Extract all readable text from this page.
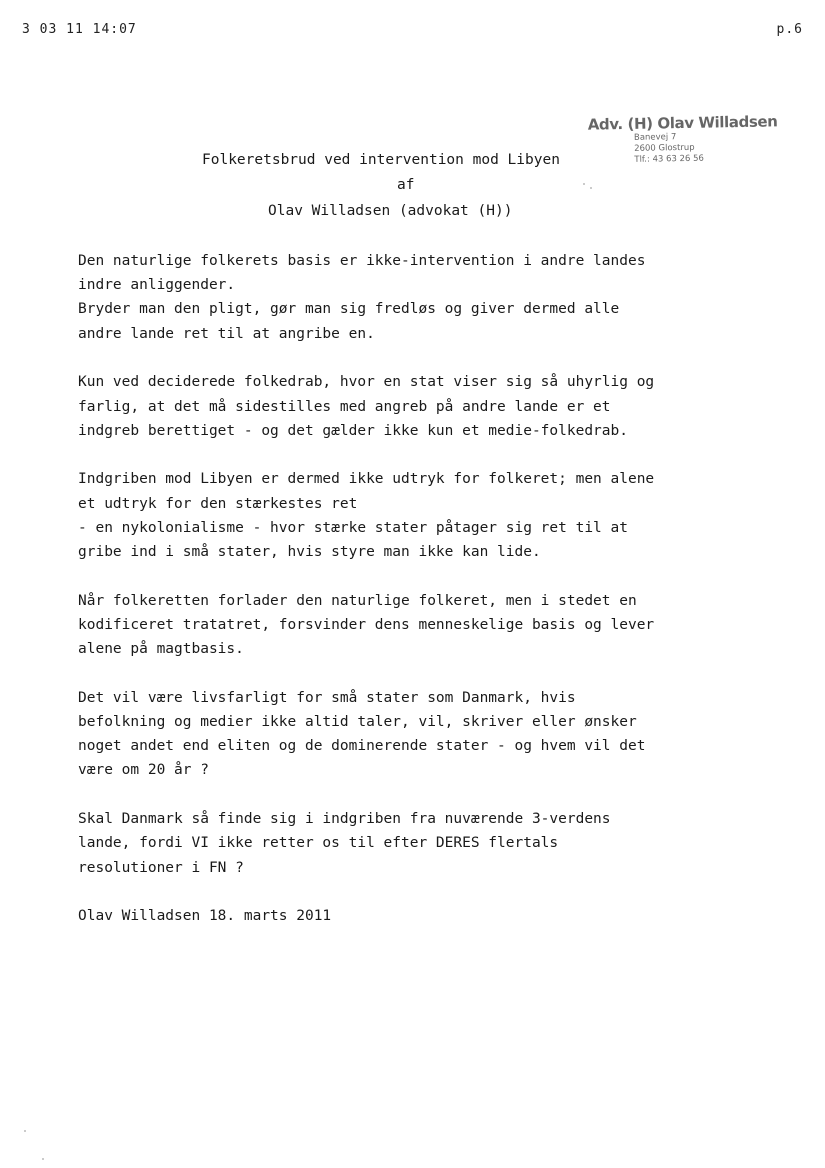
3 03 11 14:07	p.6
Adv. (H) Olav Willadsen
Banevej 7
2600 Glostrup
Tlf.: 43 63 26 56
Folkeretsbrud ved intervention mod Libyen
af
Olav Willadsen (advokat (H))

Den naturlige folkerets basis er ikke-intervention i andre landes
indre anliggender.
Bryder man den pligt, gør man sig fredløs og giver dermed alle
andre lande ret til at angribe en.

Kun ved deciderede folkedrab, hvor en stat viser sig så uhyrlig og
farlig, at det må sidestilles med angreb på andre lande er et
indgreb berettiget - og det gælder ikke kun et medie-folkedrab.

Indgriben mod Libyen er dermed ikke udtryk for folkeret; men alene
et udtryk for den stærkestes ret
- en nykolonialisme - hvor stærke stater påtager sig ret til at
gribe ind i små stater, hvis styre man ikke kan lide.

Når folkeretten forlader den naturlige folkeret, men i stedet en
kodificeret tratatret, forsvinder dens menneskelige basis og lever
alene på magtbasis.

Det vil være livsfarligt for små stater som Danmark, hvis
befolkning og medier ikke altid taler, vil, skriver eller ønsker
noget andet end eliten og de dominerende stater - og hvem vil det
være om 20 år ?

Skal Danmark så finde sig i indgriben fra nuværende 3-verdens
lande, fordi VI ikke retter os til efter DERES flertals
resolutioner i FN ?

Olav Willadsen 18. marts 2011
